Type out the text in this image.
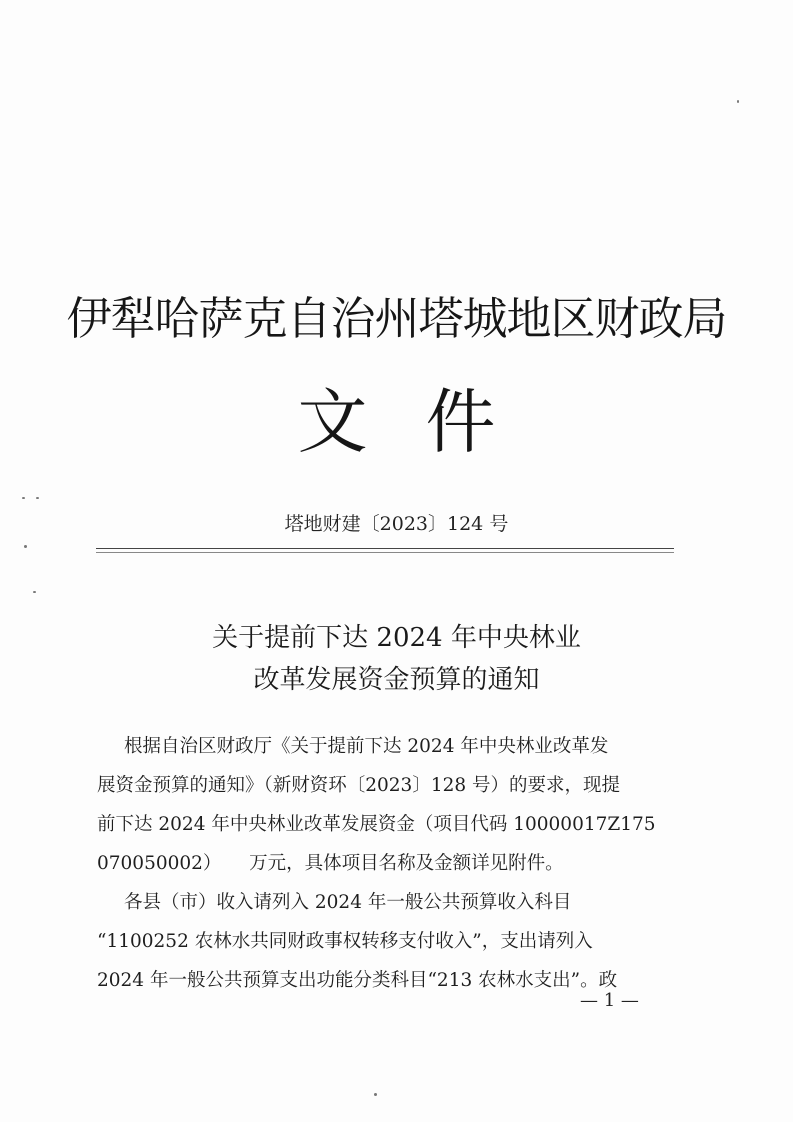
伊犁哈萨克自治州塔城地区财政局
文件
塔地财建〔2023〕124 号
关于提前下达 2024 年中央林业
改革发展资金预算的通知
根据自治区财政厅《关于提前下达 2024 年中央林业改革发
展资金预算的通知》（新财资环〔2023〕128 号）的要求，现提
前下达 2024 年中央林业改革发展资金（项目代码 10000017Z175
070050002）　　万元，具体项目名称及金额详见附件。
各县（市）收入请列入 2024 年一般公共预算收入科目
“1100252 农林水共同财政事权转移支付收入”，支出请列入
2024 年一般公共预算支出功能分类科目“213 农林水支出”。政
— 1 —
